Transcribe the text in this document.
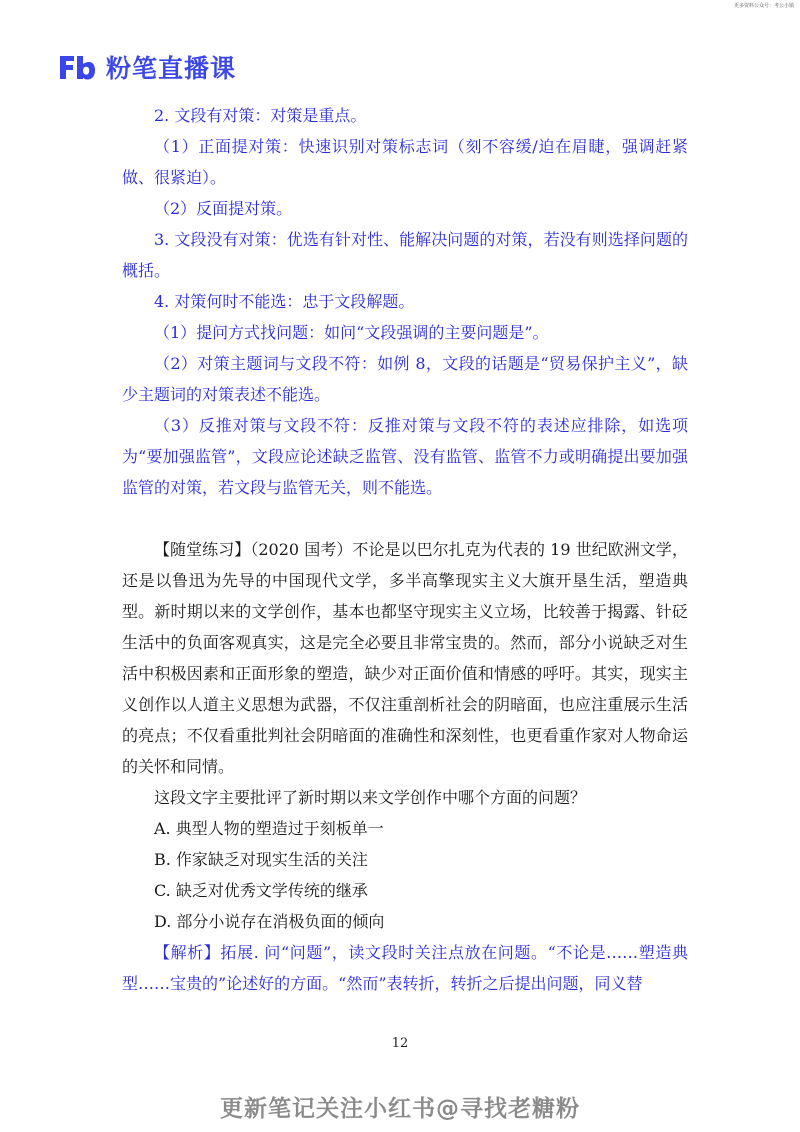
更多资料公众号：考公小镇
粉笔直播课

2. 文段有对策：对策是重点。

（1）正面提对策：快速识别对策标志词（刻不容缓/迫在眉睫，强调赶紧做、很紧迫）。

（2）反面提对策。

3. 文段没有对策：优选有针对性、能解决问题的对策，若没有则选择问题的概括。

4. 对策何时不能选：忠于文段解题。

（1）提问方式找问题：如问“文段强调的主要问题是”。

（2）对策主题词与文段不符：如例 8，文段的话题是“贸易保护主义”，缺少主题词的对策表述不能选。

（3）反推对策与文段不符：反推对策与文段不符的表述应排除，如选项为“要加强监管”，文段应论述缺乏监管、没有监管、监管不力或明确提出要加强监管的对策，若文段与监管无关，则不能选。

【随堂练习】（2020 国考）不论是以巴尔扎克为代表的 19 世纪欧洲文学，还是以鲁迅为先导的中国现代文学，多半高擎现实主义大旗开垦生活，塑造典型。新时期以来的文学创作，基本也都坚守现实主义立场，比较善于揭露、针砭生活中的负面客观真实，这是完全必要且非常宝贵的。然而，部分小说缺乏对生活中积极因素和正面形象的塑造，缺少对正面价值和情感的呼吁。其实，现实主义创作以人道主义思想为武器，不仅注重剖析社会的阴暗面，也应注重展示生活的亮点；不仅看重批判社会阴暗面的准确性和深刻性，也更看重作家对人物命运的关怀和同情。

这段文字主要批评了新时期以来文学创作中哪个方面的问题？

A. 典型人物的塑造过于刻板单一

B. 作家缺乏对现实生活的关注

C. 缺乏对优秀文学传统的继承

D. 部分小说存在消极负面的倾向

【解析】拓展. 问“问题”，读文段时关注点放在问题。“不论是……塑造典型……宝贵的”论述好的方面。“然而”表转折，转折之后提出问题，同义替

12
更新笔记关注小红书@寻找老糖粉
